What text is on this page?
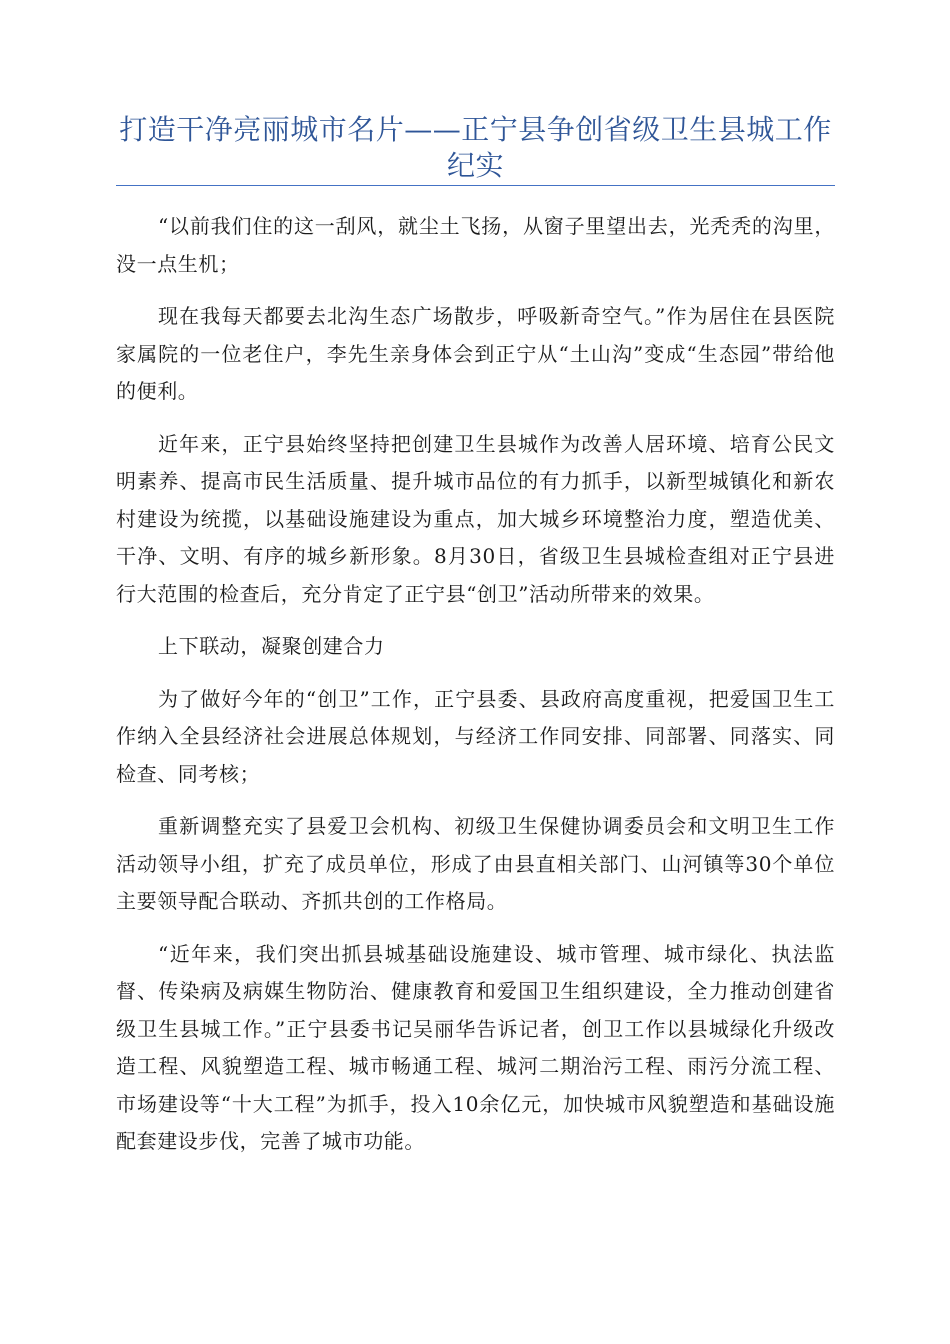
打造干净亮丽城市名片——正宁县争创省级卫生县城工作纪实

“以前我们住的这一刮风，就尘土飞扬，从窗子里望出去，光秃秃的沟里，没一点生机；

现在我每天都要去北沟生态广场散步，呼吸新奇空气。”作为居住在县医院家属院的一位老住户，李先生亲身体会到正宁从“土山沟”变成“生态园”带给他的便利。

近年来，正宁县始终坚持把创建卫生县城作为改善人居环境、培育公民文明素养、提高市民生活质量、提升城市品位的有力抓手，以新型城镇化和新农村建设为统揽，以基础设施建设为重点，加大城乡环境整治力度，塑造优美、干净、文明、有序的城乡新形象。8月30日，省级卫生县城检查组对正宁县进行大范围的检查后，充分肯定了正宁县“创卫”活动所带来的效果。

上下联动，凝聚创建合力

为了做好今年的“创卫”工作，正宁县委、县政府高度重视，把爱国卫生工作纳入全县经济社会进展总体规划，与经济工作同安排、同部署、同落实、同检查、同考核；

重新调整充实了县爱卫会机构、初级卫生保健协调委员会和文明卫生工作活动领导小组，扩充了成员单位，形成了由县直相关部门、山河镇等30个单位主要领导配合联动、齐抓共创的工作格局。

“近年来，我们突出抓县城基础设施建设、城市管理、城市绿化、执法监督、传染病及病媒生物防治、健康教育和爱国卫生组织建设，全力推动创建省级卫生县城工作。”正宁县委书记吴丽华告诉记者，创卫工作以县城绿化升级改造工程、风貌塑造工程、城市畅通工程、城河二期治污工程、雨污分流工程、市场建设等“十大工程”为抓手，投入10余亿元，加快城市风貌塑造和基础设施配套建设步伐，完善了城市功能。
